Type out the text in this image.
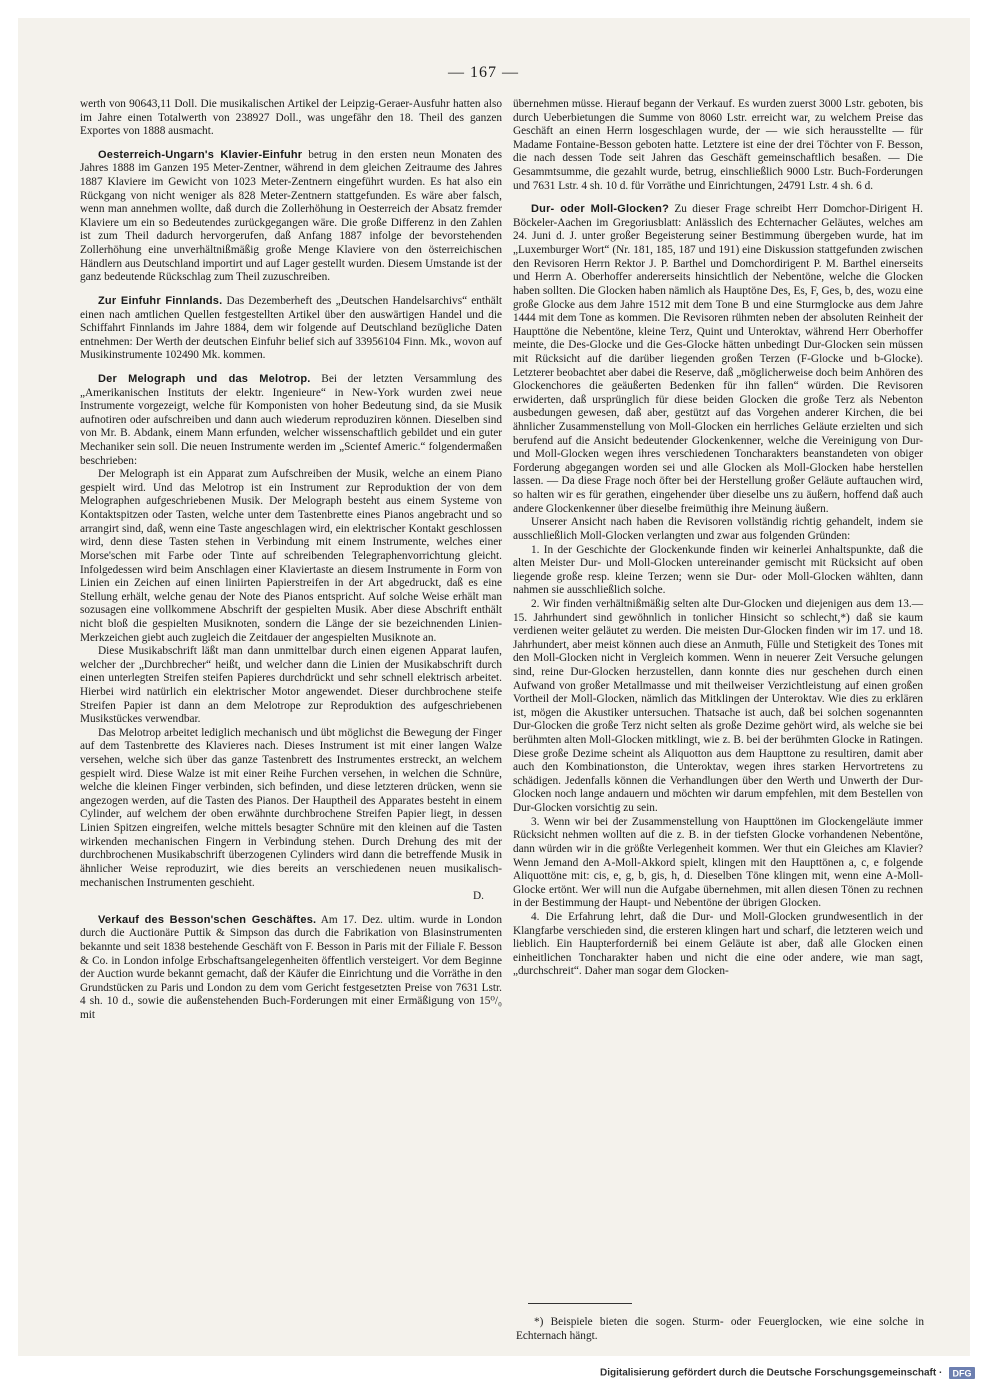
— 167 —

werth von 90643,11 Doll. Die musikalischen Artikel der Leipzig-Geraer-Ausfuhr hatten also im Jahre einen Totalwerth von 238927 Doll., was ungefähr den 18. Theil des ganzen Exportes von 1888 ausmacht.

Oesterreich-Ungarn's Klavier-Einfuhr betrug in den ersten neun Monaten des Jahres 1888 im Ganzen 195 Meter-Zentner, während in dem gleichen Zeitraume des Jahres 1887 Klaviere im Gewicht von 1023 Meter-Zentnern eingeführt wurden. Es hat also ein Rückgang von nicht weniger als 828 Meter-Zentnern stattgefunden. Es wäre aber falsch, wenn man annehmen wollte, daß durch die Zollerhöhung in Oesterreich der Absatz fremder Klaviere um ein so Bedeutendes zurückgegangen wäre. Die große Differenz in den Zahlen ist zum Theil dadurch hervorgerufen, daß Anfang 1887 infolge der bevorstehenden Zollerhöhung eine unverhältnißmäßig große Menge Klaviere von den österreichischen Händlern aus Deutschland importirt und auf Lager gestellt wurden. Diesem Umstande ist der ganz bedeutende Rückschlag zum Theil zuzuschreiben.

Zur Einfuhr Finnlands. Das Dezemberheft des „Deutschen Handelsarchivs“ enthält einen nach amtlichen Quellen festgestellten Artikel über den auswärtigen Handel und die Schiffahrt Finnlands im Jahre 1884, dem wir folgende auf Deutschland bezügliche Daten entnehmen: Der Werth der deutschen Einfuhr belief sich auf 33956104 Finn. Mk., wovon auf Musikinstrumente 102490 Mk. kommen.

Der Melograph und das Melotrop. Bei der letzten Versammlung des „Amerikanischen Instituts der elektr. Ingenieure“ in New-York wurden zwei neue Instrumente vorgezeigt, welche für Komponisten von hoher Bedeutung sind, da sie Musik aufnotiren oder aufschreiben und dann auch wiederum reproduziren können. Dieselben sind von Mr. B. Abdank, einem Mann erfunden, welcher wissenschaftlich gebildet und ein guter Mechaniker sein soll. Die neuen Instrumente werden im „Scientef Americ.“ folgendermaßen beschrieben:

Der Melograph ist ein Apparat zum Aufschreiben der Musik, welche an einem Piano gespielt wird. Und das Melotrop ist ein Instrument zur Reproduktion der von dem Melographen aufgeschriebenen Musik. Der Melograph besteht aus einem Systeme von Kontaktspitzen oder Tasten, welche unter dem Tastenbrette eines Pianos angebracht und so arrangirt sind, daß, wenn eine Taste angeschlagen wird, ein elektrischer Kontakt geschlossen wird, denn diese Tasten stehen in Verbindung mit einem Instrumente, welches einer Morse'schen mit Farbe oder Tinte auf schreibenden Telegraphenvorrichtung gleicht. Infolgedessen wird beim Anschlagen einer Klaviertaste an diesem Instrumente in Form von Linien ein Zeichen auf einen liniirten Papierstreifen in der Art abgedruckt, daß es eine Stellung erhält, welche genau der Note des Pianos entspricht. Auf solche Weise erhält man sozusagen eine vollkommene Abschrift der gespielten Musik. Aber diese Abschrift enthält nicht bloß die gespielten Musiknoten, sondern die Länge der sie bezeichnenden Linien-Merkzeichen giebt auch zugleich die Zeitdauer der angespielten Musiknote an.

Diese Musikabschrift läßt man dann unmittelbar durch einen eigenen Apparat laufen, welcher der „Durchbrecher“ heißt, und welcher dann die Linien der Musikabschrift durch einen unterlegten Streifen steifen Papieres durchdrückt und sehr schnell elektrisch arbeitet. Hierbei wird natürlich ein elektrischer Motor angewendet. Dieser durchbrochene steife Streifen Papier ist dann an dem Melotrope zur Reproduktion des aufgeschriebenen Musikstückes verwendbar.

Das Melotrop arbeitet lediglich mechanisch und übt möglichst die Bewegung der Finger auf dem Tastenbrette des Klavieres nach. Dieses Instrument ist mit einer langen Walze versehen, welche sich über das ganze Tastenbrett des Instrumentes erstreckt, an welchem gespielt wird. Diese Walze ist mit einer Reihe Furchen versehen, in welchen die Schnüre, welche die kleinen Finger verbinden, sich befinden, und diese letzteren drücken, wenn sie angezogen werden, auf die Tasten des Pianos. Der Hauptheil des Apparates besteht in einem Cylinder, auf welchem der oben erwähnte durchbrochene Streifen Papier liegt, in dessen Linien Spitzen eingreifen, welche mittels besagter Schnüre mit den kleinen auf die Tasten wirkenden mechanischen Fingern in Verbindung stehen. Durch Drehung des mit der durchbrochenen Musikabschrift überzogenen Cylinders wird dann die betreffende Musik in ähnlicher Weise reproduzirt, wie dies bereits an verschiedenen neuen musikalisch-mechanischen Instrumenten geschieht.

D.

Verkauf des Besson'schen Geschäftes. Am 17. Dez. ultim. wurde in London durch die Auctionäre Puttik & Simpson das durch die Fabrikation von Blasinstrumenten bekannte und seit 1838 bestehende Geschäft von F. Besson in Paris mit der Filiale F. Besson & Co. in London infolge Erbschaftsangelegenheiten öffentlich versteigert. Vor dem Beginne der Auction wurde bekannt gemacht, daß der Käufer die Einrichtung und die Vorräthe in den Grundstücken zu Paris und London zu dem vom Gericht festgesetzten Preise von 7631 Lstr. 4 sh. 10 d., sowie die außenstehenden Buch-Forderungen mit einer Ermäßigung von 15⁰/₀ mit

übernehmen müsse. Hierauf begann der Verkauf. Es wurden zuerst 3000 Lstr. geboten, bis durch Ueberbietungen die Summe von 8060 Lstr. erreicht war, zu welchem Preise das Geschäft an einen Herrn losgeschlagen wurde, der — wie sich herausstellte — für Madame Fontaine-Besson geboten hatte. Letztere ist eine der drei Töchter von F. Besson, die nach dessen Tode seit Jahren das Geschäft gemeinschaftlich besaßen. — Die Gesammtsumme, die gezahlt wurde, betrug, einschließlich 9000 Lstr. Buch-Forderungen und 7631 Lstr. 4 sh. 10 d. für Vorräthe und Einrichtungen, 24791 Lstr. 4 sh. 6 d.

Dur- oder Moll-Glocken? Zu dieser Frage schreibt Herr Domchor-Dirigent H. Böckeler-Aachen im Gregoriusblatt: Anlässlich des Echternacher Geläutes, welches am 24. Juni d. J. unter großer Begeisterung seiner Bestimmung übergeben wurde, hat im „Luxemburger Wort“ (Nr. 181, 185, 187 und 191) eine Diskussion stattgefunden zwischen den Revisoren Herrn Rektor J. P. Barthel und Domchordirigent P. M. Barthel einerseits und Herrn A. Oberhoffer andererseits hinsichtlich der Nebentöne, welche die Glocken haben sollten. Die Glocken haben nämlich als Hauptöne Des, Es, F, Ges, b, des, wozu eine große Glocke aus dem Jahre 1512 mit dem Tone B und eine Sturmglocke aus dem Jahre 1444 mit dem Tone as kommen. Die Revisoren rühmten neben der absoluten Reinheit der Haupttöne die Nebentöne, kleine Terz, Quint und Unteroktav, während Herr Oberhoffer meinte, die Des-Glocke und die Ges-Glocke hätten unbedingt Dur-Glocken sein müssen mit Rücksicht auf die darüber liegenden großen Terzen (F-Glocke und b-Glocke). Letzterer beobachtet aber dabei die Reserve, daß „möglicherweise doch beim Anhören des Glockenchores die geäußerten Bedenken für ihn fallen“ würden. Die Revisoren erwiderten, daß ursprünglich für diese beiden Glocken die große Terz als Nebenton ausbedungen gewesen, daß aber, gestützt auf das Vorgehen anderer Kirchen, die bei ähnlicher Zusammenstellung von Moll-Glocken ein herrliches Geläute erzielten und sich berufend auf die Ansicht bedeutender Glockenkenner, welche die Vereinigung von Dur- und Moll-Glocken wegen ihres verschiedenen Toncharakters beanstandeten von obiger Forderung abgegangen worden sei und alle Glocken als Moll-Glocken habe herstellen lassen. — Da diese Frage noch öfter bei der Herstellung großer Geläute auftauchen wird, so halten wir es für gerathen, eingehender über dieselbe uns zu äußern, hoffend daß auch andere Glockenkenner über dieselbe freimüthig ihre Meinung äußern.

Unserer Ansicht nach haben die Revisoren vollständig richtig gehandelt, indem sie ausschließlich Moll-Glocken verlangten und zwar aus folgenden Gründen:

1. In der Geschichte der Glockenkunde finden wir keinerlei Anhaltspunkte, daß die alten Meister Dur- und Moll-Glocken untereinander gemischt mit Rücksicht auf oben liegende große resp. kleine Terzen; wenn sie Dur- oder Moll-Glocken wählten, dann nahmen sie ausschließlich solche.

2. Wir finden verhältnißmäßig selten alte Dur-Glocken und diejenigen aus dem 13.—15. Jahrhundert sind gewöhnlich in tonlicher Hinsicht so schlecht,*) daß sie kaum verdienen weiter geläutet zu werden. Die meisten Dur-Glocken finden wir im 17. und 18. Jahrhundert, aber meist können auch diese an Anmuth, Fülle und Stetigkeit des Tones mit den Moll-Glocken nicht in Vergleich kommen. Wenn in neuerer Zeit Versuche gelungen sind, reine Dur-Glocken herzustellen, dann konnte dies nur geschehen durch einen Aufwand von großer Metallmasse und mit theilweiser Verzichtleistung auf einen großen Vortheil der Moll-Glocken, nämlich das Mitklingen der Unteroktav. Wie dies zu erklären ist, mögen die Akustiker untersuchen. Thatsache ist auch, daß bei solchen sogenannten Dur-Glocken die große Terz nicht selten als große Dezime gehört wird, als welche sie bei berühmten alten Moll-Glocken mitklingt, wie z. B. bei der berühmten Glocke in Ratingen. Diese große Dezime scheint als Aliquotton aus dem Haupttone zu resultiren, damit aber auch den Kombinationston, die Unteroktav, wegen ihres starken Hervortretens zu schädigen. Jedenfalls können die Verhandlungen über den Werth und Unwerth der Dur-Glocken noch lange andauern und möchten wir darum empfehlen, mit dem Bestellen von Dur-Glocken vorsichtig zu sein.

3. Wenn wir bei der Zusammenstellung von Haupttönen im Glockengeläute immer Rücksicht nehmen wollten auf die z. B. in der tiefsten Glocke vorhandenen Nebentöne, dann würden wir in die größte Verlegenheit kommen. Wer thut ein Gleiches am Klavier? Wenn Jemand den A-Moll-Akkord spielt, klingen mit den Haupttönen a, c, e folgende Aliquottöne mit: cis, e, g, b, gis, h, d. Dieselben Töne klingen mit, wenn eine A-Moll-Glocke ertönt. Wer will nun die Aufgabe übernehmen, mit allen diesen Tönen zu rechnen in der Bestimmung der Haupt- und Nebentöne der übrigen Glocken.

4. Die Erfahrung lehrt, daß die Dur- und Moll-Glocken grundwesentlich in der Klangfarbe verschieden sind, die ersteren klingen hart und scharf, die letzteren weich und lieblich. Ein Haupterforderniß bei einem Geläute ist aber, daß alle Glocken einen einheitlichen Toncharakter haben und nicht die eine oder andere, wie man sagt, „durchschreit“. Daher man sogar dem Glocken-

*) Beispiele bieten die sogen. Sturm- oder Feuerglocken, wie eine solche in Echternach hängt.
Digitalisierung gefördert durch die Deutsche Forschungsgemeinschaft · DFG
